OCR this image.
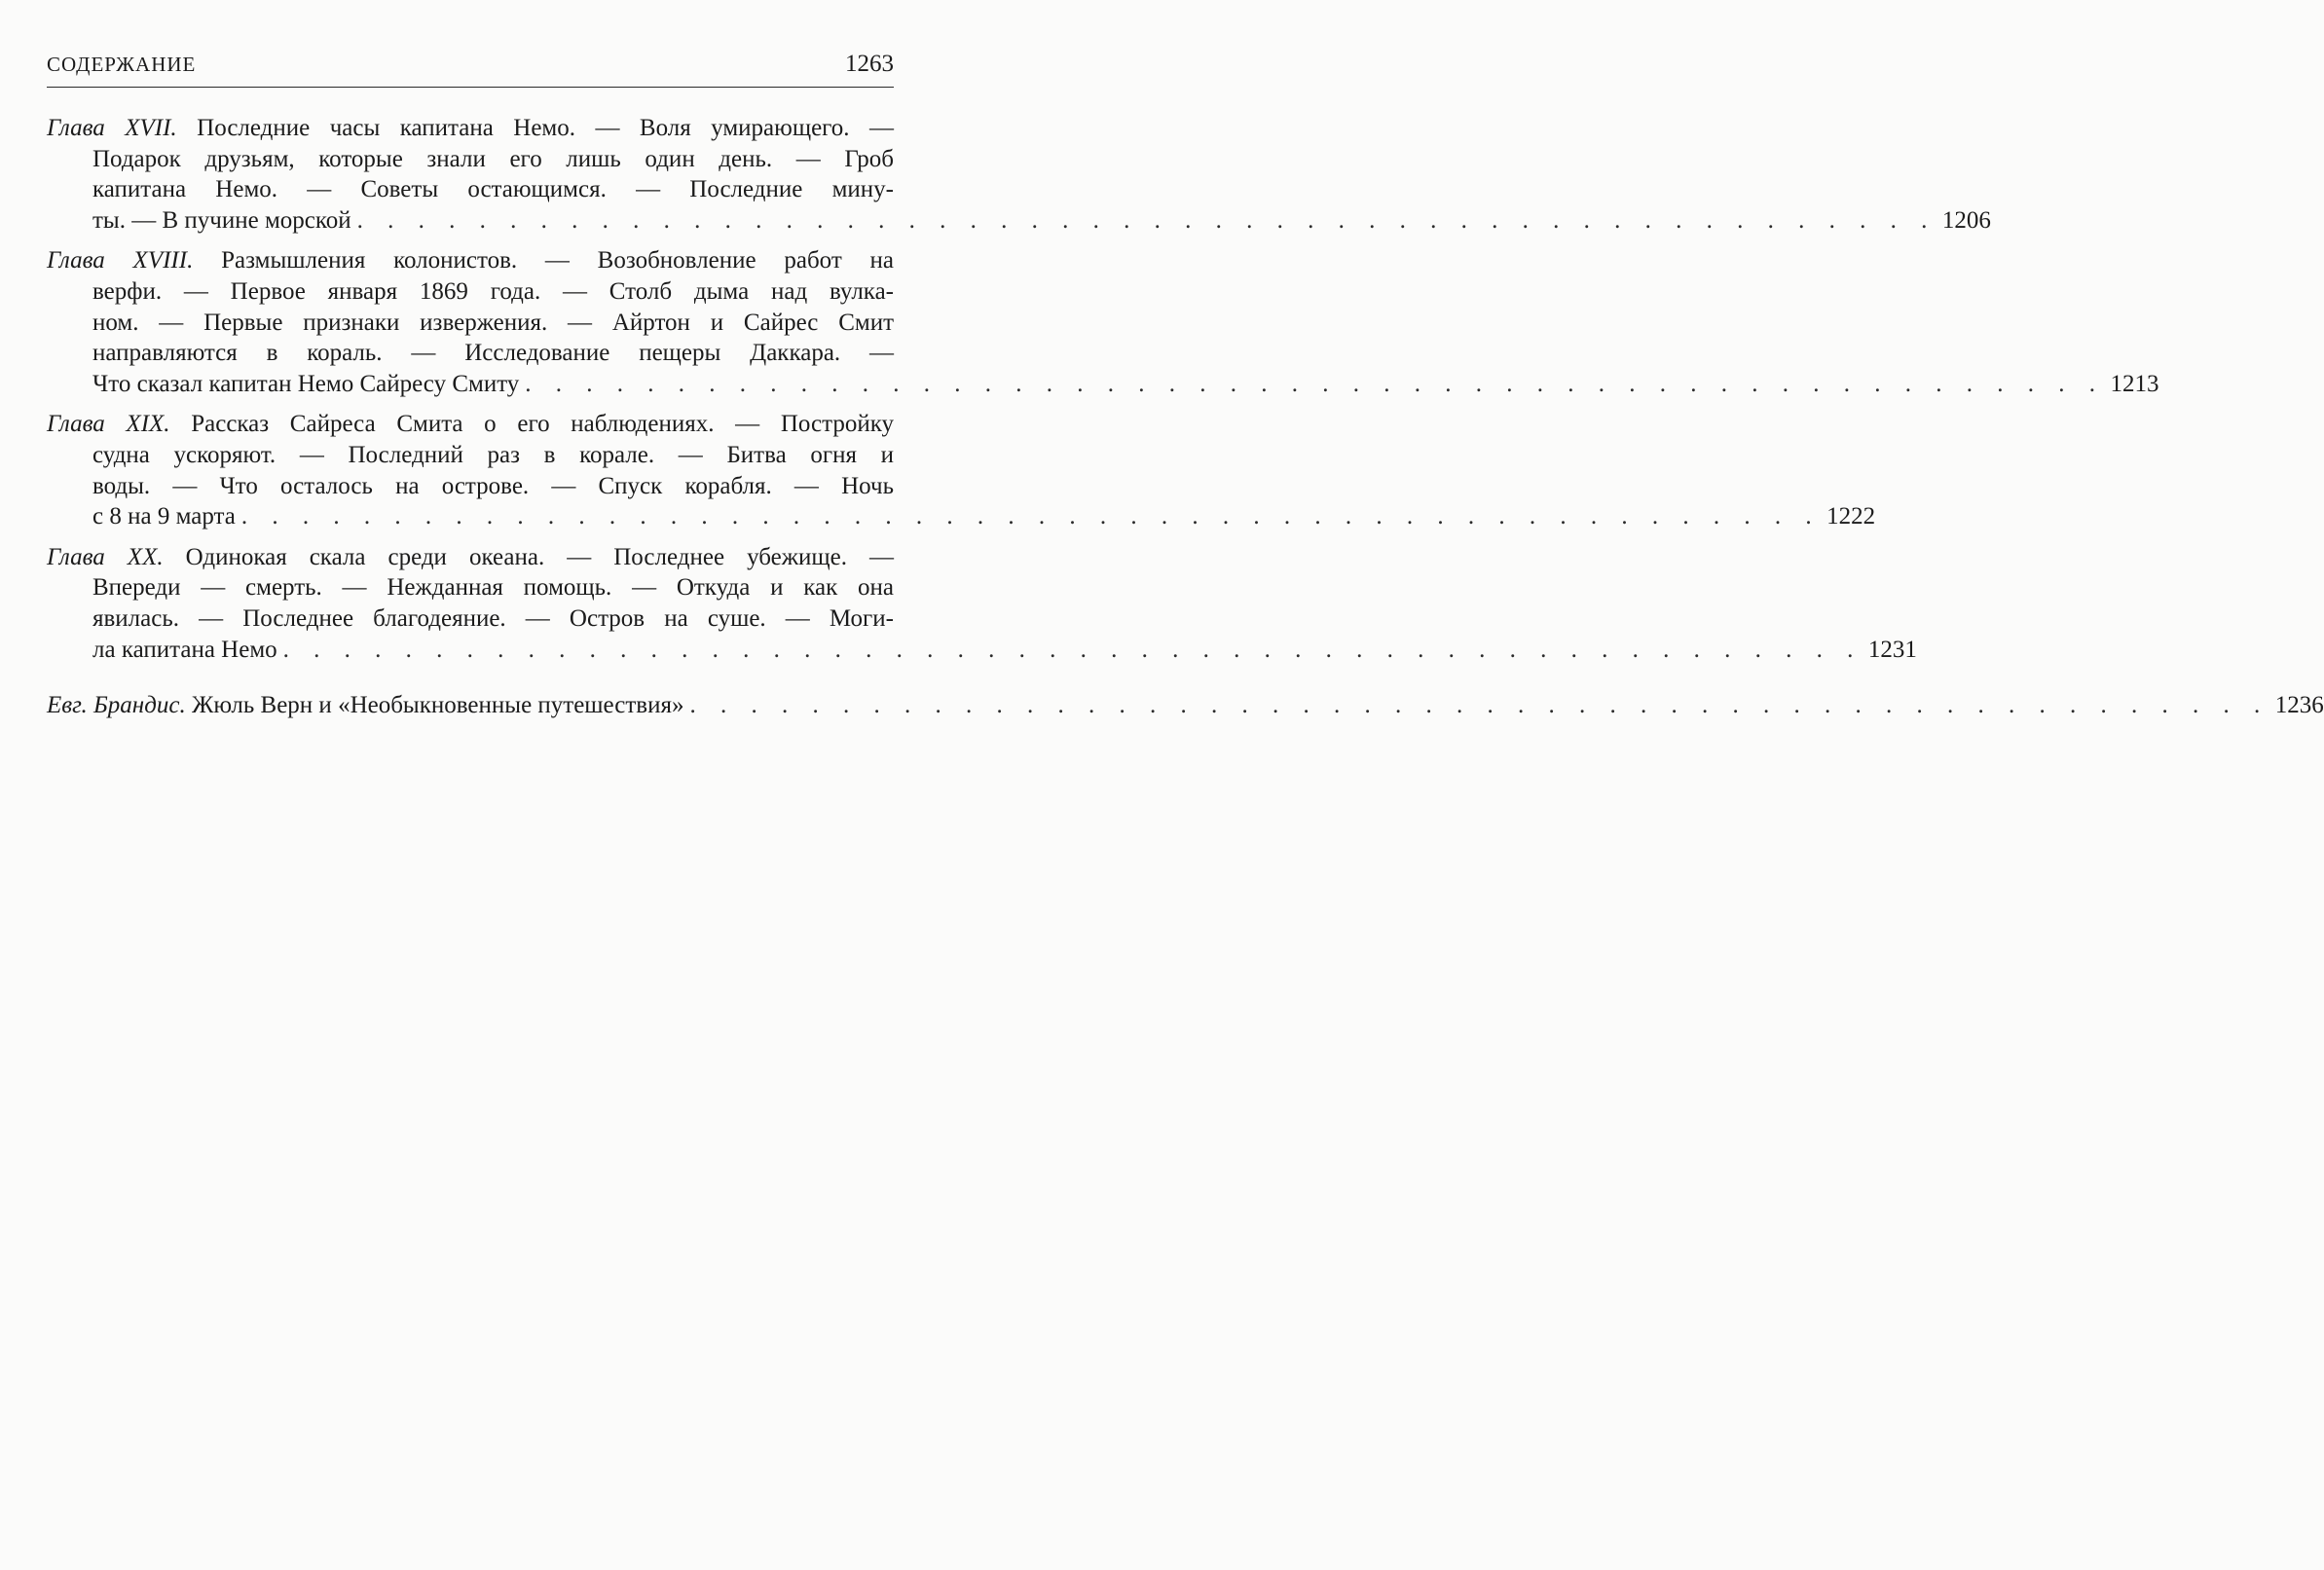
СОДЕРЖАНИЕ	1263
Глава XVII. Последние часы капитана Немо. — Воля умирающего. —
Подарок друзьям, которые знали его лишь один день. — Гроб
капитана Немо. — Советы остающимся. — Последние мину-
ты. — В пучине морской . . . . . . . . . . . . . . . . . . . . . . . . . . . . . . . . . . . . . . . . . . . . . . . . . . . . 1206
Глава XVIII. Размышления колонистов. — Возобновление работ на
верфи. — Первое января 1869 года. — Столб дыма над вулка-
ном. — Первые признаки извержения. — Айртон и Сайрес Смит
направляются в кораль. — Исследование пещеры Даккара. —
Что сказал капитан Немо Сайресу Смиту . . . . . . . . . . . . . . . . . . . . . . . . . . . . . . . . . . . . . . . . . . . . . . . . . . . . 1213
Глава XIX. Рассказ Сайреса Смита о его наблюдениях. — Постройку
судна ускоряют. — Последний раз в корале. — Битва огня и
воды. — Что осталось на острове. — Спуск корабля. — Ночь
с 8 на 9 марта . . . . . . . . . . . . . . . . . . . . . . . . . . . . . . . . . . . . . . . . . . . . . . . . . . . . 1222
Глава XX. Одинокая скала среди океана. — Последнее убежище. —
Впереди — смерть. — Нежданная помощь. — Откуда и как она
явилась. — Последнее благодеяние. — Остров на суше. — Моги-
ла капитана Немо . . . . . . . . . . . . . . . . . . . . . . . . . . . . . . . . . . . . . . . . . . . . . . . . . . . . 1231
Евг. Брандис. Жюль Верн и «Необыкновенные путешествия» . . . . . . . . . . . . . . . . . . . . . . . . . . . . . . . . . . . . . . . . . . . . . . . . . . . . 1236
